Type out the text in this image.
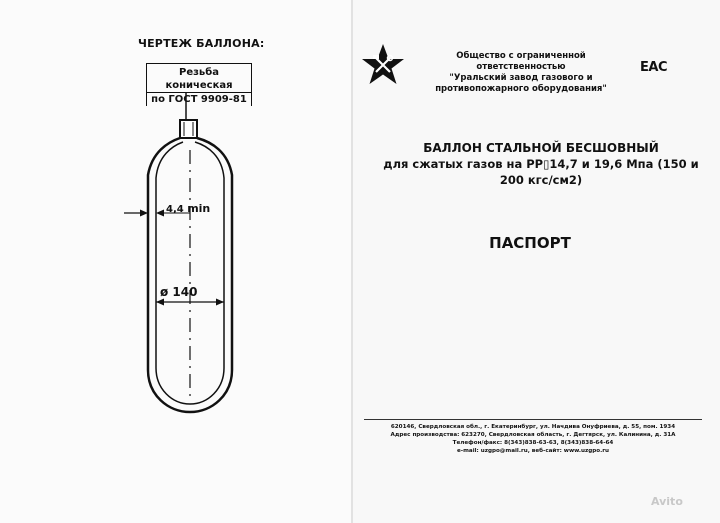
ЧЕРТЕЖ БАЛЛОНА:
Резьба коническая
по ГОСТ 9909-81
4,4 min
ø 140
Общество с ограниченной ответственностью
"Уральский завод газового и противопожарного оборудования"
EAC
БАЛЛОН СТАЛЬНОЙ БЕСШОВНЫЙ
для сжатых газов на PP▯14,7 и 19,6 Мпа (150 и 200 кгс/см2)
ПАСПОРТ
620146, Свердловская обл., г. Екатеринбург, ул. Начдива Онуфриева, д. 55, пом. 1934
Адрес производства: 623270, Свердловская область, г. Дегтярск, ул. Калинина, д. 31А
Телефон/факс: 8(343)838-63-63, 8(343)838-64-64
e-mail: uzgpo@mail.ru, веб-сайт: www.uzgpo.ru
Avito
